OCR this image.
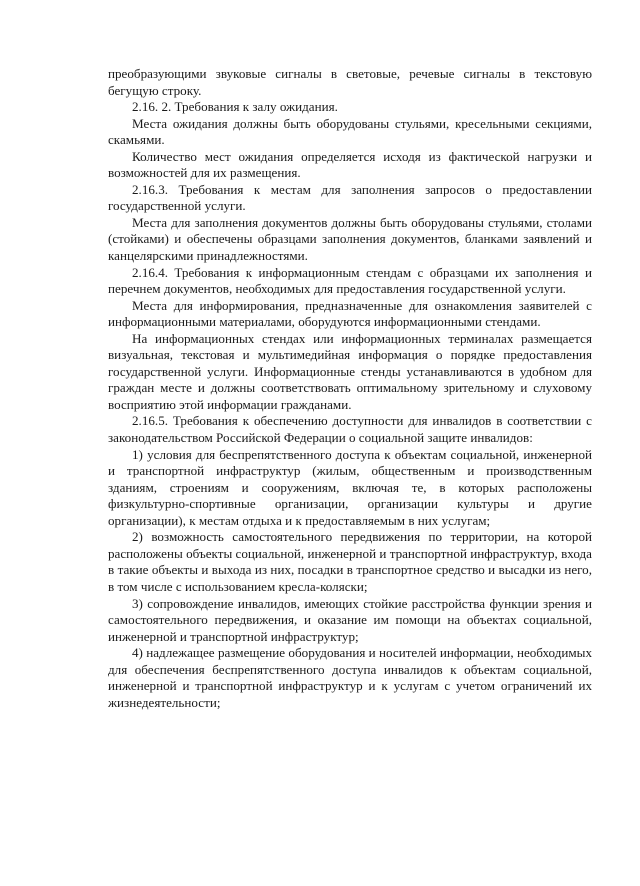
преобразующими звуковые сигналы в световые, речевые сигналы в текстовую бегущую строку.

2.16. 2. Требования к залу ожидания.

Места ожидания должны быть оборудованы стульями, кресельными секциями, скамьями.

Количество мест ожидания определяется исходя из фактической нагрузки и возможностей для их размещения.

2.16.3. Требования к местам для заполнения запросов о предоставлении государственной услуги.

Места для заполнения документов должны быть оборудованы стульями, столами (стойками) и обеспечены образцами заполнения документов, бланками заявлений и канцелярскими принадлежностями.

2.16.4. Требования к информационным стендам с образцами их заполнения и перечнем документов, необходимых для предоставления государственной услуги.

Места для информирования, предназначенные для ознакомления заявителей с информационными материалами, оборудуются информационными стендами.

На информационных стендах или информационных терминалах размещается визуальная, текстовая и мультимедийная информация о порядке предоставления государственной услуги. Информационные стенды устанавливаются в удобном для граждан месте и должны соответствовать оптимальному зрительному и слуховому восприятию этой информации гражданами.

2.16.5. Требования к обеспечению доступности для инвалидов в соответствии с законодательством Российской Федерации о социальной защите инвалидов:

1) условия для беспрепятственного доступа к объектам социальной, инженерной и транспортной инфраструктур (жилым, общественным и производственным зданиям, строениям и сооружениям, включая те, в которых расположены физкультурно-спортивные организации, организации культуры и другие организации), к местам отдыха и к предоставляемым в них услугам;

2) возможность самостоятельного передвижения по территории, на которой расположены объекты социальной, инженерной и транспортной инфраструктур, входа в такие объекты и выхода из них, посадки в транспортное средство и высадки из него, в том числе с использованием кресла-коляски;

3) сопровождение инвалидов, имеющих стойкие расстройства функции зрения и самостоятельного передвижения, и оказание им помощи на объектах социальной, инженерной и транспортной инфраструктур;

4) надлежащее размещение оборудования и носителей информации, необходимых для обеспечения беспрепятственного доступа инвалидов к объектам социальной, инженерной и транспортной инфраструктур и к услугам с учетом ограничений их жизнедеятельности;
